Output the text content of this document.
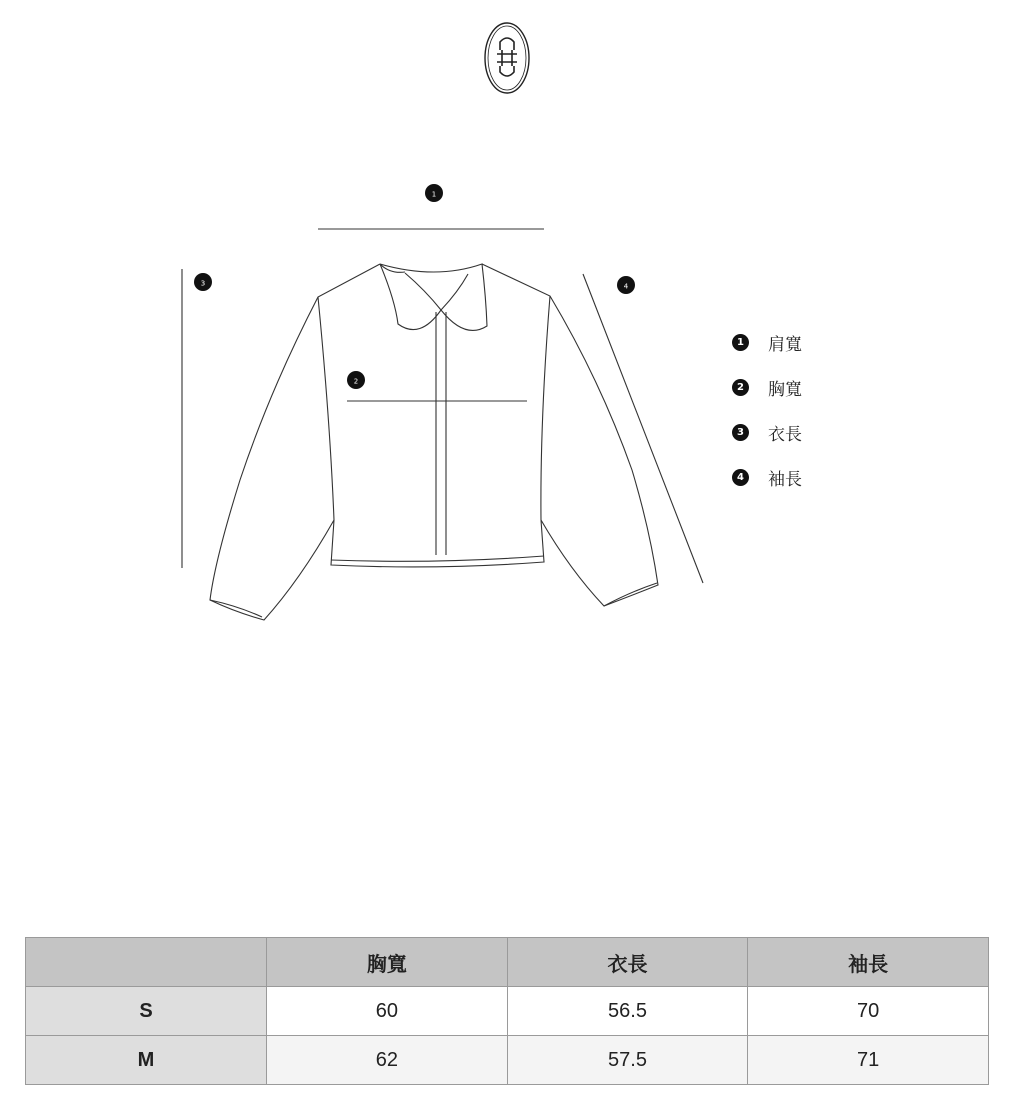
1
2
3	4
1 肩寬
2 胸寬
3 衣長
4 袖長
	胸寬	衣長	袖長
S	60	56.5	70
M	62	57.5	71
